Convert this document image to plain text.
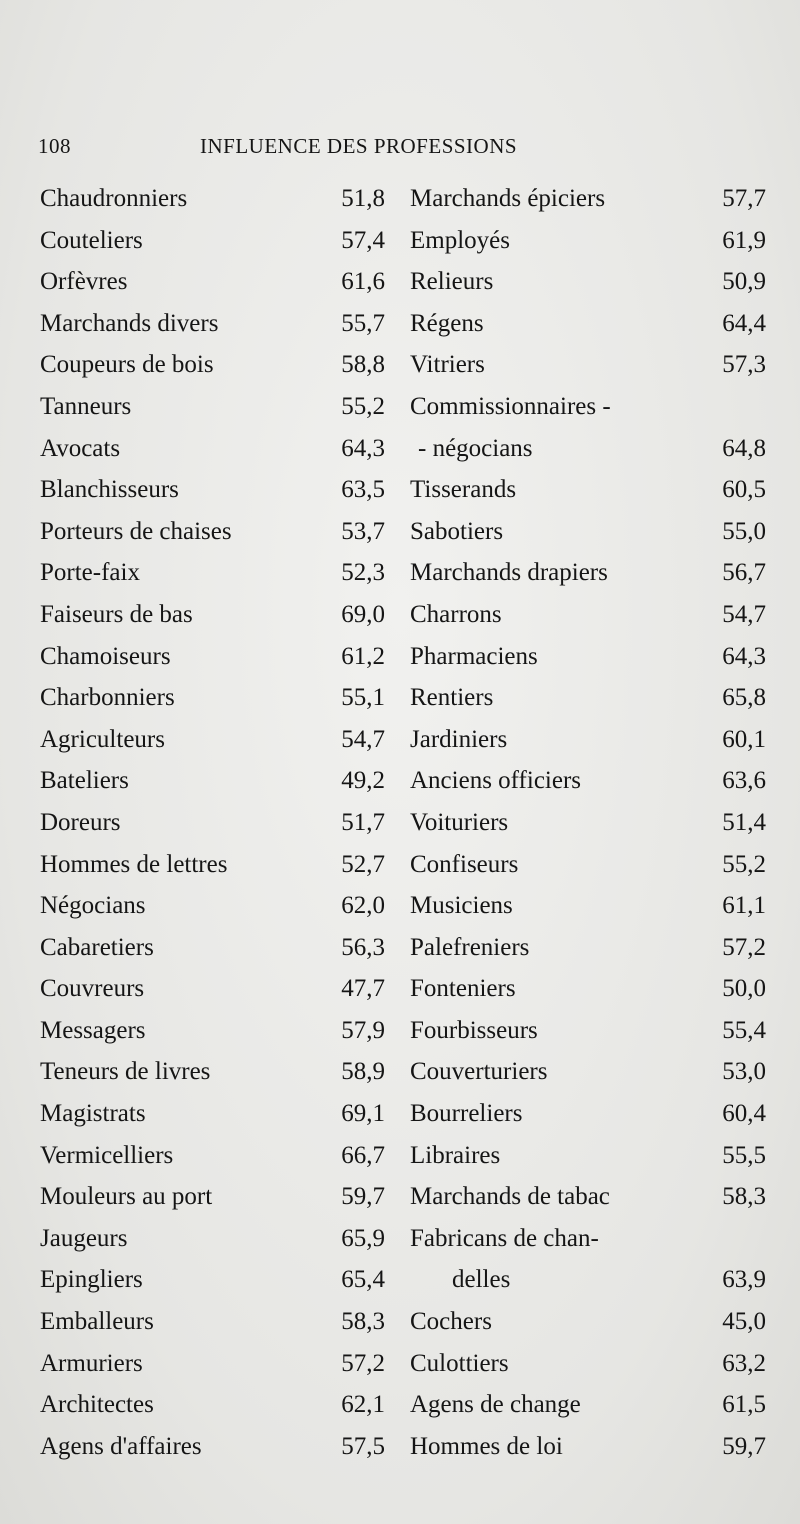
108	INFLUENCE DES PROFESSIONS
Chaudronniers	51,8
Couteliers	57,4
Orfèvres	61,6
Marchands divers	55,7
Coupeurs de bois	58,8
Tanneurs	55,2
Avocats	64,3
Blanchisseurs	63,5
Porteurs de chaises	53,7
Porte-faix	52,3
Faiseurs de bas	69,0
Chamoiseurs	61,2
Charbonniers	55,1
Agriculteurs	54,7
Bateliers	49,2
Doreurs	51,7
Hommes de lettres	52,7
Négocians	62,0
Cabaretiers	56,3
Couvreurs	47,7
Messagers	57,9
Teneurs de livres	58,9
Magistrats	69,1
Vermicelliers	66,7
Mouleurs au port	59,7
Jaugeurs	65,9
Epingliers	65,4
Emballeurs	58,3
Armuriers	57,2
Architectes	62,1
Agens d'affaires	57,5
Marchands épiciers	57,7
Employés	61,9
Relieurs	50,9
Régens	64,4
Vitriers	57,3
Commissionnaires -
- négocians	64,8
Tisserands	60,5
Sabotiers	55,0
Marchands drapiers	56,7
Charrons	54,7
Pharmaciens	64,3
Rentiers	65,8
Jardiniers	60,1
Anciens officiers	63,6
Voituriers	51,4
Confiseurs	55,2
Musiciens	61,1
Palefreniers	57,2
Fonteniers	50,0
Fourbisseurs	55,4
Couverturiers	53,0
Bourreliers	60,4
Libraires	55,5
Marchands de tabac	58,3
Fabricans de chan-
delles	63,9
Cochers	45,0
Culottiers	63,2
Agens de change	61,5
Hommes de loi	59,7
